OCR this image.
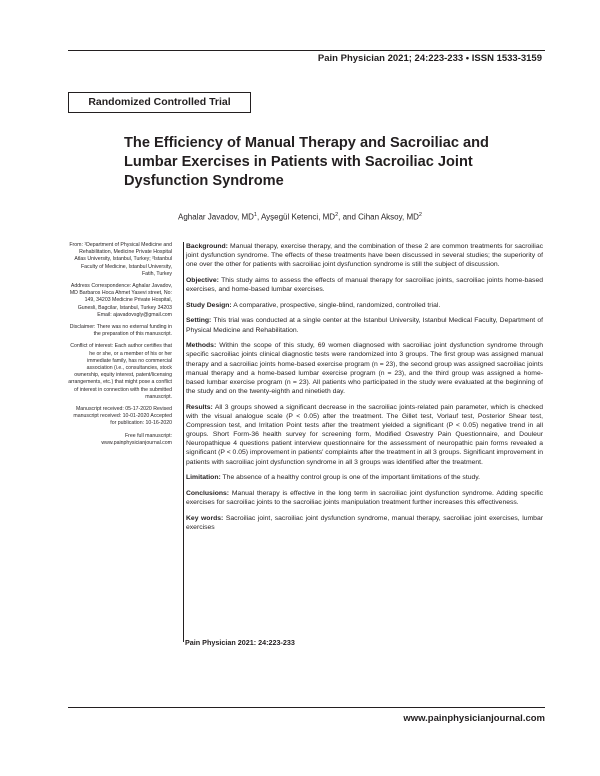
Pain Physician 2021; 24:223-233 • ISSN 1533-3159
Randomized Controlled Trial
The Efficiency of Manual Therapy and Sacroiliac and Lumbar Exercises in Patients with Sacroiliac Joint Dysfunction Syndrome
Aghalar Javadov, $MD^1$, Ayşegül Ketenci, $MD^2$, and Cihan Aksoy, $MD^2$

From: ¹Department of Physical Medicine and Rehabilitation, Medicine Private Hospital Atlas University, Istanbul, Turkey; ²Istanbul Faculty of Medicine, Istanbul University, Fatih, Turkey

Address Correspondence: Aghalar Javadov, MD Barbaros Hoca Ahmet Yasevi street, No: 149, 34203 Medicine Private Hospital, Gunesli, Bagcilar, Istanbul, Turkey 34203 Email: ajavadovsgly@gmail.com

Disclaimer: There was no external funding in the preparation of this manuscript.

Conflict of interest: Each author certifies that he or she, or a member of his or her immediate family, has no commercial association (i.e., consultancies, stock ownership, equity interest, patent/licensing arrangements, etc.) that might pose a conflict of interest in connection with the submitted manuscript.

Manuscript received: 05-17-2020 Revised manuscript received: 10-01-2020 Accepted for publication: 10-16-2020

Free full manuscript: www.painphysicianjournal.com

Background: Manual therapy, exercise therapy, and the combination of these 2 are common treatments for sacroiliac joint dysfunction syndrome. The effects of these treatments have been discussed in several studies; the superiority of one over the other for patients with sacroiliac joint dysfunction syndrome is still the subject of discussion.

Objective: This study aims to assess the effects of manual therapy for sacroiliac joints, sacroiliac joints home-based exercises, and home-based lumbar exercises.

Study Design: A comparative, prospective, single-blind, randomized, controlled trial.

Setting: This trial was conducted at a single center at the Istanbul University, Istanbul Medical Faculty, Department of Physical Medicine and Rehabilitation.

Methods: Within the scope of this study, 69 women diagnosed with sacroiliac joint dysfunction syndrome through specific sacroiliac joints clinical diagnostic tests were randomized into 3 groups. The first group was assigned manual therapy and a sacroiliac joints home-based exercise program (n = 23), the second group was assigned sacroiliac joints manual therapy and a home-based lumbar exercise program (n = 23), and the third group was assigned a home-based lumbar exercise program (n = 23). All patients who participated in the study were evaluated at the beginning of the study and on the twenty-eighth and ninetieth day.

Results: All 3 groups showed a significant decrease in the sacroiliac joints-related pain parameter, which is checked with the visual analogue scale (P < 0.05) after the treatment. The Gillet test, Vorlauf test, Posterior Shear test, Compression test, and Irritation Point tests after the treatment yielded a significant (P < 0.05) negative trend in all groups. Short Form-36 health survey for screening form, Modified Oswestry Pain Questionnaire, and Douleur Neuropathique 4 questions patient interview questionnaire for the assessment of neuropathic pain forms revealed a significant (P < 0.05) improvement in patients' complaints after the treatment in all 3 groups. Significant improvement in patients with sacroiliac joint dysfunction syndrome in all 3 groups was identified after the treatment.

Limitation: The absence of a healthy control group is one of the important limitations of the study.

Conclusions: Manual therapy is effective in the long term in sacroiliac joint dysfunction syndrome. Adding specific exercises for sacroiliac joints to the sacroiliac joints manipulation treatment further increases this effectiveness.

Key words: Sacroiliac joint, sacroiliac joint dysfunction syndrome, manual therapy, sacroiliac joint exercises, lumbar exercises

Pain Physician 2021: 24:223-233
www.painphysicianjournal.com
